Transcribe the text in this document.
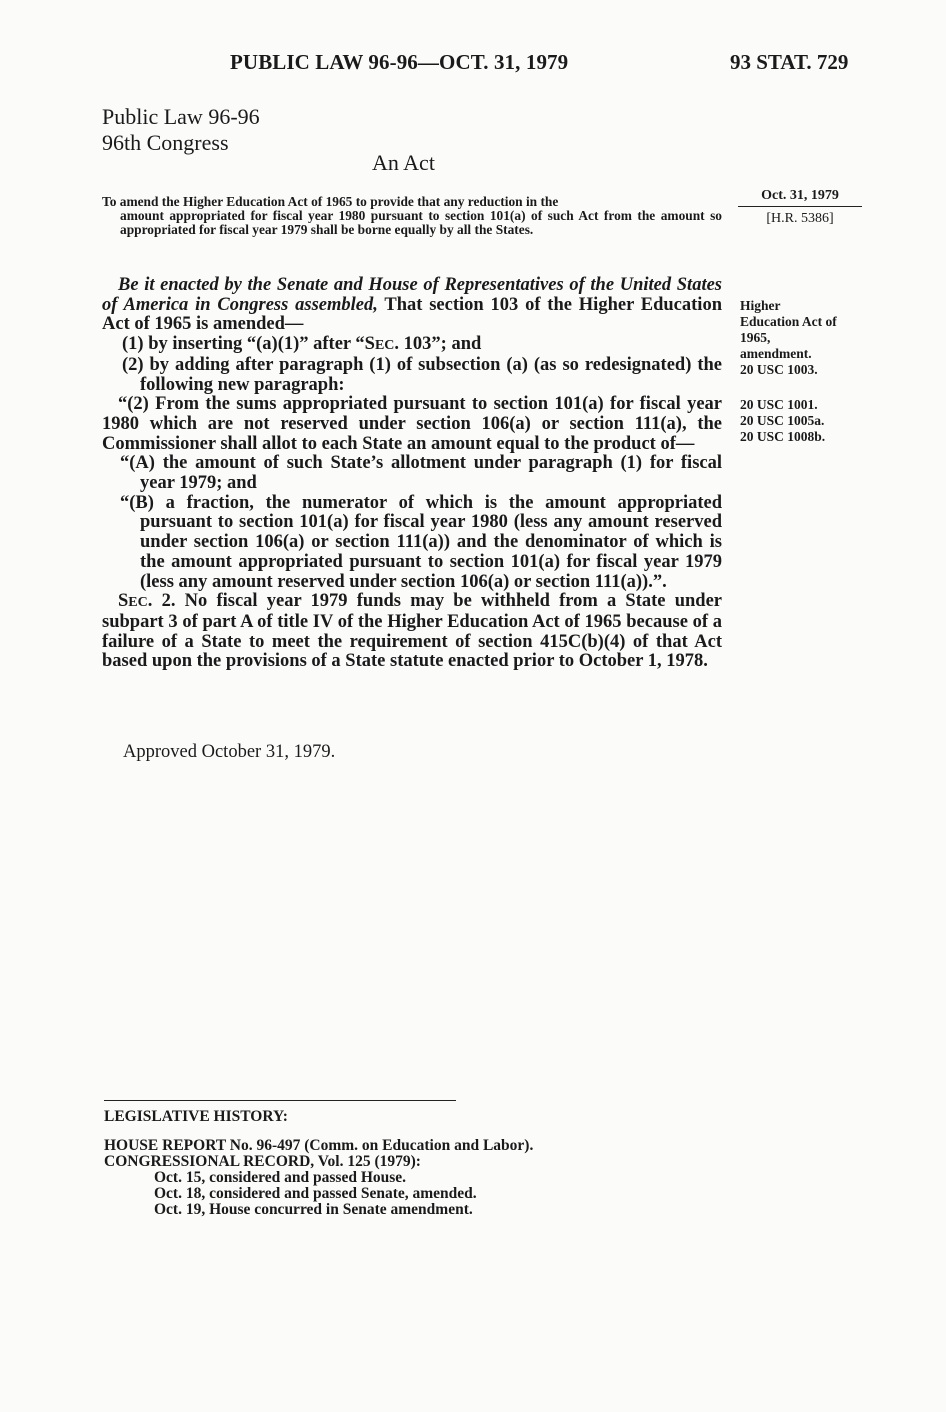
PUBLIC LAW 96-96—OCT. 31, 1979	93 STAT. 729
Public Law 96-96
96th Congress
An Act
To amend the Higher Education Act of 1965 to provide that any reduction in the
amount appropriated for fiscal year 1980 pursuant to section 101(a) of such Act from the amount so appropriated for fiscal year 1979 shall be borne equally by all the States.
Oct. 31, 1979
[H.R. 5386]

Be it enacted by the Senate and House of Representatives of the United States of America in Congress assembled, That section 103 of the Higher Education Act of 1965 is amended—

(1) by inserting “(a)(1)” after “SEC. 103”; and

(2) by adding after paragraph (1) of subsection (a) (as so redesignated) the following new paragraph:

“(2) From the sums appropriated pursuant to section 101(a) for fiscal year 1980 which are not reserved under section 106(a) or section 111(a), the Commissioner shall allot to each State an amount equal to the product of—

“(A) the amount of such State’s allotment under paragraph (1) for fiscal year 1979; and

“(B) a fraction, the numerator of which is the amount appropriated pursuant to section 101(a) for fiscal year 1980 (less any amount reserved under section 106(a) or section 111(a)) and the denominator of which is the amount appropriated pursuant to section 101(a) for fiscal year 1979 (less any amount reserved under section 106(a) or section 111(a)).”.

SEC. 2. No fiscal year 1979 funds may be withheld from a State under subpart 3 of part A of title IV of the Higher Education Act of 1965 because of a failure of a State to meet the requirement of section 415C(b)(4) of that Act based upon the provisions of a State statute enacted prior to October 1, 1978.

Higher
Education Act of
1965,
amendment.
20 USC 1003.
20 USC 1001.
20 USC 1005a.
20 USC 1008b.
Approved October 31, 1979.
LEGISLATIVE HISTORY:
HOUSE REPORT No. 96-497 (Comm. on Education and Labor).
CONGRESSIONAL RECORD, Vol. 125 (1979):
Oct. 15, considered and passed House.
Oct. 18, considered and passed Senate, amended.
Oct. 19, House concurred in Senate amendment.
